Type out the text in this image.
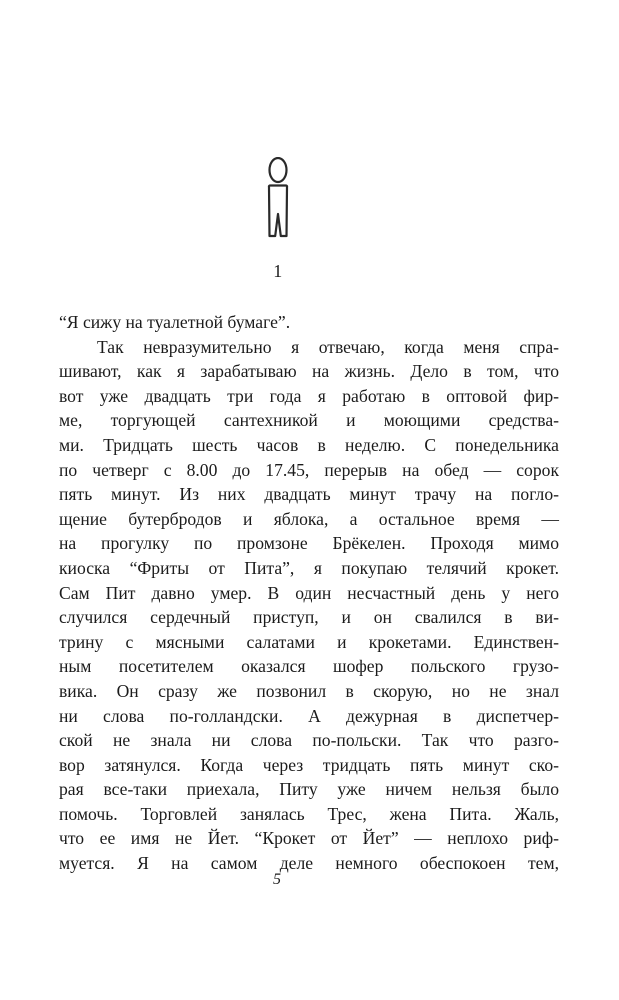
1
“Я сижу на туалетной бумаге”.
Так невразумительно я отвечаю, когда меня спра-
шивают, как я зарабатываю на жизнь. Дело в том, что
вот уже двадцать три года я работаю в оптовой фир-
ме, торгующей сантехникой и моющими средства-
ми. Тридцать шесть часов в неделю. С понедельника
по четверг с 8.00 до 17.45, перерыв на обед — сорок
пять минут. Из них двадцать минут трачу на погло-
щение бутербродов и яблока, а остальное время —
на прогулку по промзоне Брёкелен. Проходя мимо
киоска “Фриты от Пита”, я покупаю телячий крокет.
Сам Пит давно умер. В один несчастный день у него
случился сердечный приступ, и он свалился в ви-
трину с мясными салатами и крокетами. Единствен-
ным посетителем оказался шофер польского грузо-
вика. Он сразу же позвонил в скорую, но не знал
ни слова по-голландски. А дежурная в диспетчер-
ской не знала ни слова по-польски. Так что разго-
вор затянулся. Когда через тридцать пять минут ско-
рая все-таки приехала, Питу уже ничем нельзя было
помочь. Торговлей занялась Трес, жена Пита. Жаль,
что ее имя не Йет. “Крокет от Йет” — неплохо риф-
муется. Я на самом деле немного обеспокоен тем,
5
